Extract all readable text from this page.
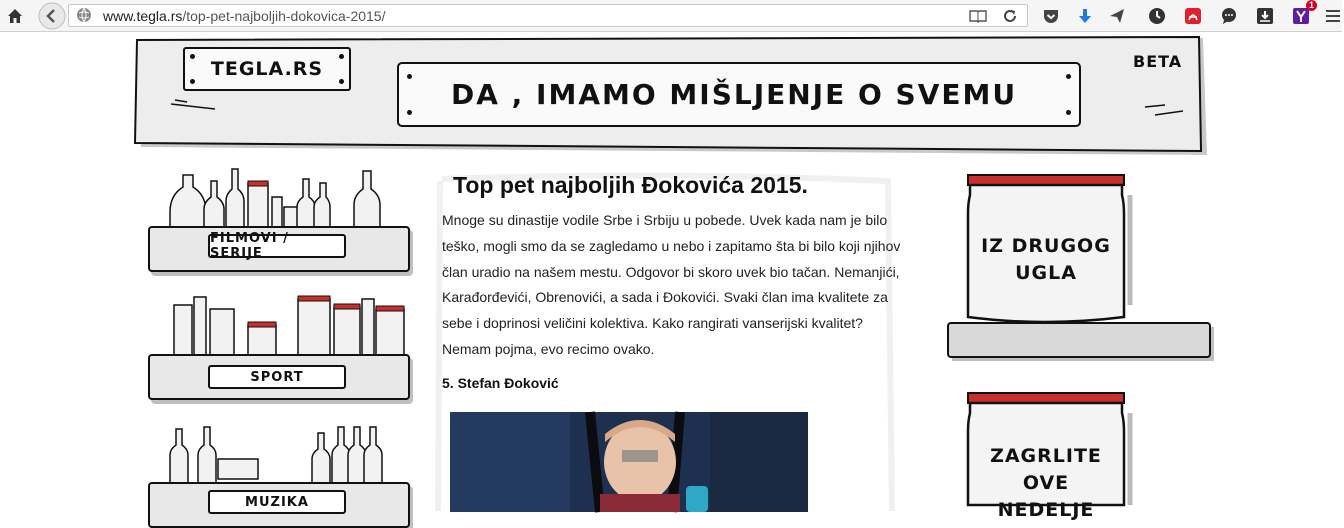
www.tegla.rs/top-pet-najboljih-dokovica-2015/
1
TEGLA.RS
DA , IMAMO MIŠLJENJE O SVEMU
BETA
FILMOVI / SERIJE
SPORT
MUZIKA
Top pet najboljih Đokovića 2015.
Mnoge su dinastije vodile Srbe i Srbiju u pobede. Uvek kada nam je bilo teško, mogli smo da se zagledamo u nebo i zapitamo šta bi bilo koji njihov član uradio na našem mestu. Odgovor bi skoro uvek bio tačan. Nemanjići, Karađorđevići, Obrenovići, a sada i Đokovići. Svaki član ima kvalitete za sebe i doprinosi veličini kolektiva. Kako rangirati vanserijski kvalitet? Nemam pojma, evo recimo ovako.
5. Stefan Đoković
IZ DRUGOG
UGLA
ZAGRLITE
OVE
NEDELJE
